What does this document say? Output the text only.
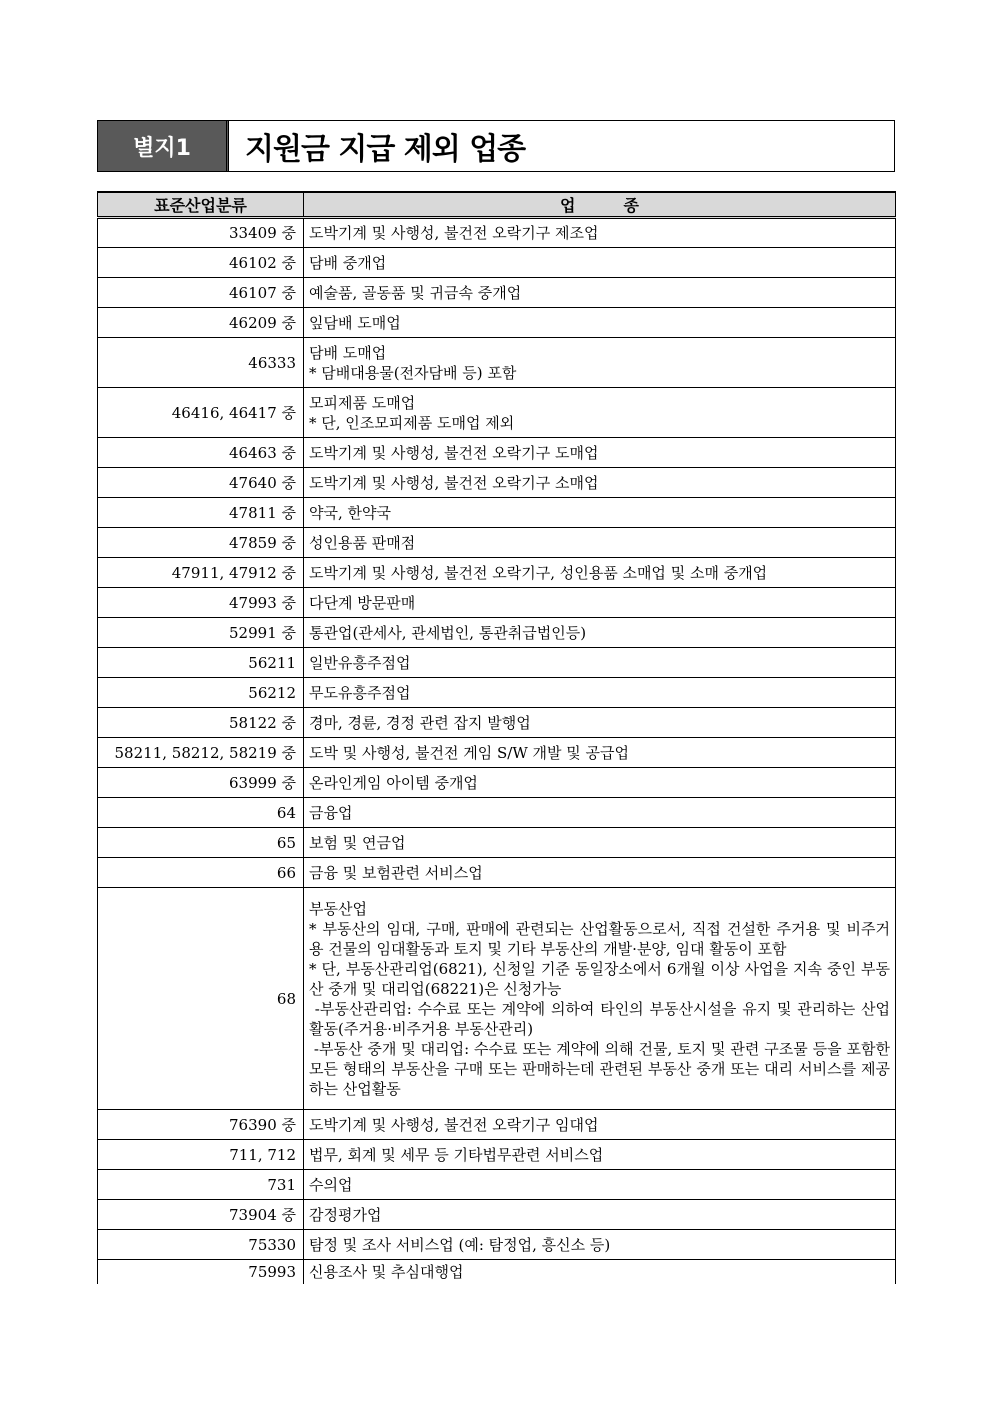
별지1	지원금 지급 제외 업종
표준산업분류	업　　　종
33409 중	도박기계 및 사행성, 불건전 오락기구 제조업

46102 중	담배 중개업

46107 중	예술품, 골동품 및 귀금속 중개업

46209 중	잎담배 도매업

46333	담배 도매업
* 담배대용물(전자담배 등) 포함

46416, 46417 중	모피제품 도매업
* 단, 인조모피제품 도매업 제외

46463 중	도박기계 및 사행성, 불건전 오락기구 도매업

47640 중	도박기계 및 사행성, 불건전 오락기구 소매업

47811 중	약국, 한약국

47859 중	성인용품 판매점

47911, 47912 중	도박기계 및 사행성, 불건전 오락기구, 성인용품 소매업 및 소매 중개업

47993 중	다단계 방문판매

52991 중	통관업(관세사, 관세법인, 통관취급법인등)

56211	일반유흥주점업

56212	무도유흥주점업

58122 중	경마, 경륜, 경정 관련 잡지 발행업

58211, 58212, 58219 중	도박 및 사행성, 불건전 게임 S/W 개발 및 공급업

63999 중	온라인게임 아이템 중개업

64	금융업

65	보험 및 연금업

66	금융 및 보험관련 서비스업

68	부동산업
* 부동산의 임대, 구매, 판매에 관련되는 산업활동으로서, 직접 건설한 주거용 및 비주거용 건물의 임대활동과 토지 및 기타 부동산의 개발·분양, 임대 활동이 포함
* 단, 부동산관리업(6821), 신청일 기준 동일장소에서 6개월 이상 사업을 지속 중인 부동산 중개 및 대리업(68221)은 신청가능
-부동산관리업: 수수료 또는 계약에 의하여 타인의 부동산시설을 유지 및 관리하는 산업활동(주거용·비주거용 부동산관리)
-부동산 중개 및 대리업: 수수료 또는 계약에 의해 건물, 토지 및 관련 구조물 등을 포함한 모든 형태의 부동산을 구매 또는 판매하는데 관련된 부동산 중개 또는 대리 서비스를 제공하는 산업활동

76390 중	도박기계 및 사행성, 불건전 오락기구 임대업

711, 712	법무, 회계 및 세무 등 기타법무관련 서비스업

731	수의업

73904 중	감정평가업

75330	탐정 및 조사 서비스업 (예: 탐정업, 흥신소 등)

75993	신용조사 및 추심대행업
